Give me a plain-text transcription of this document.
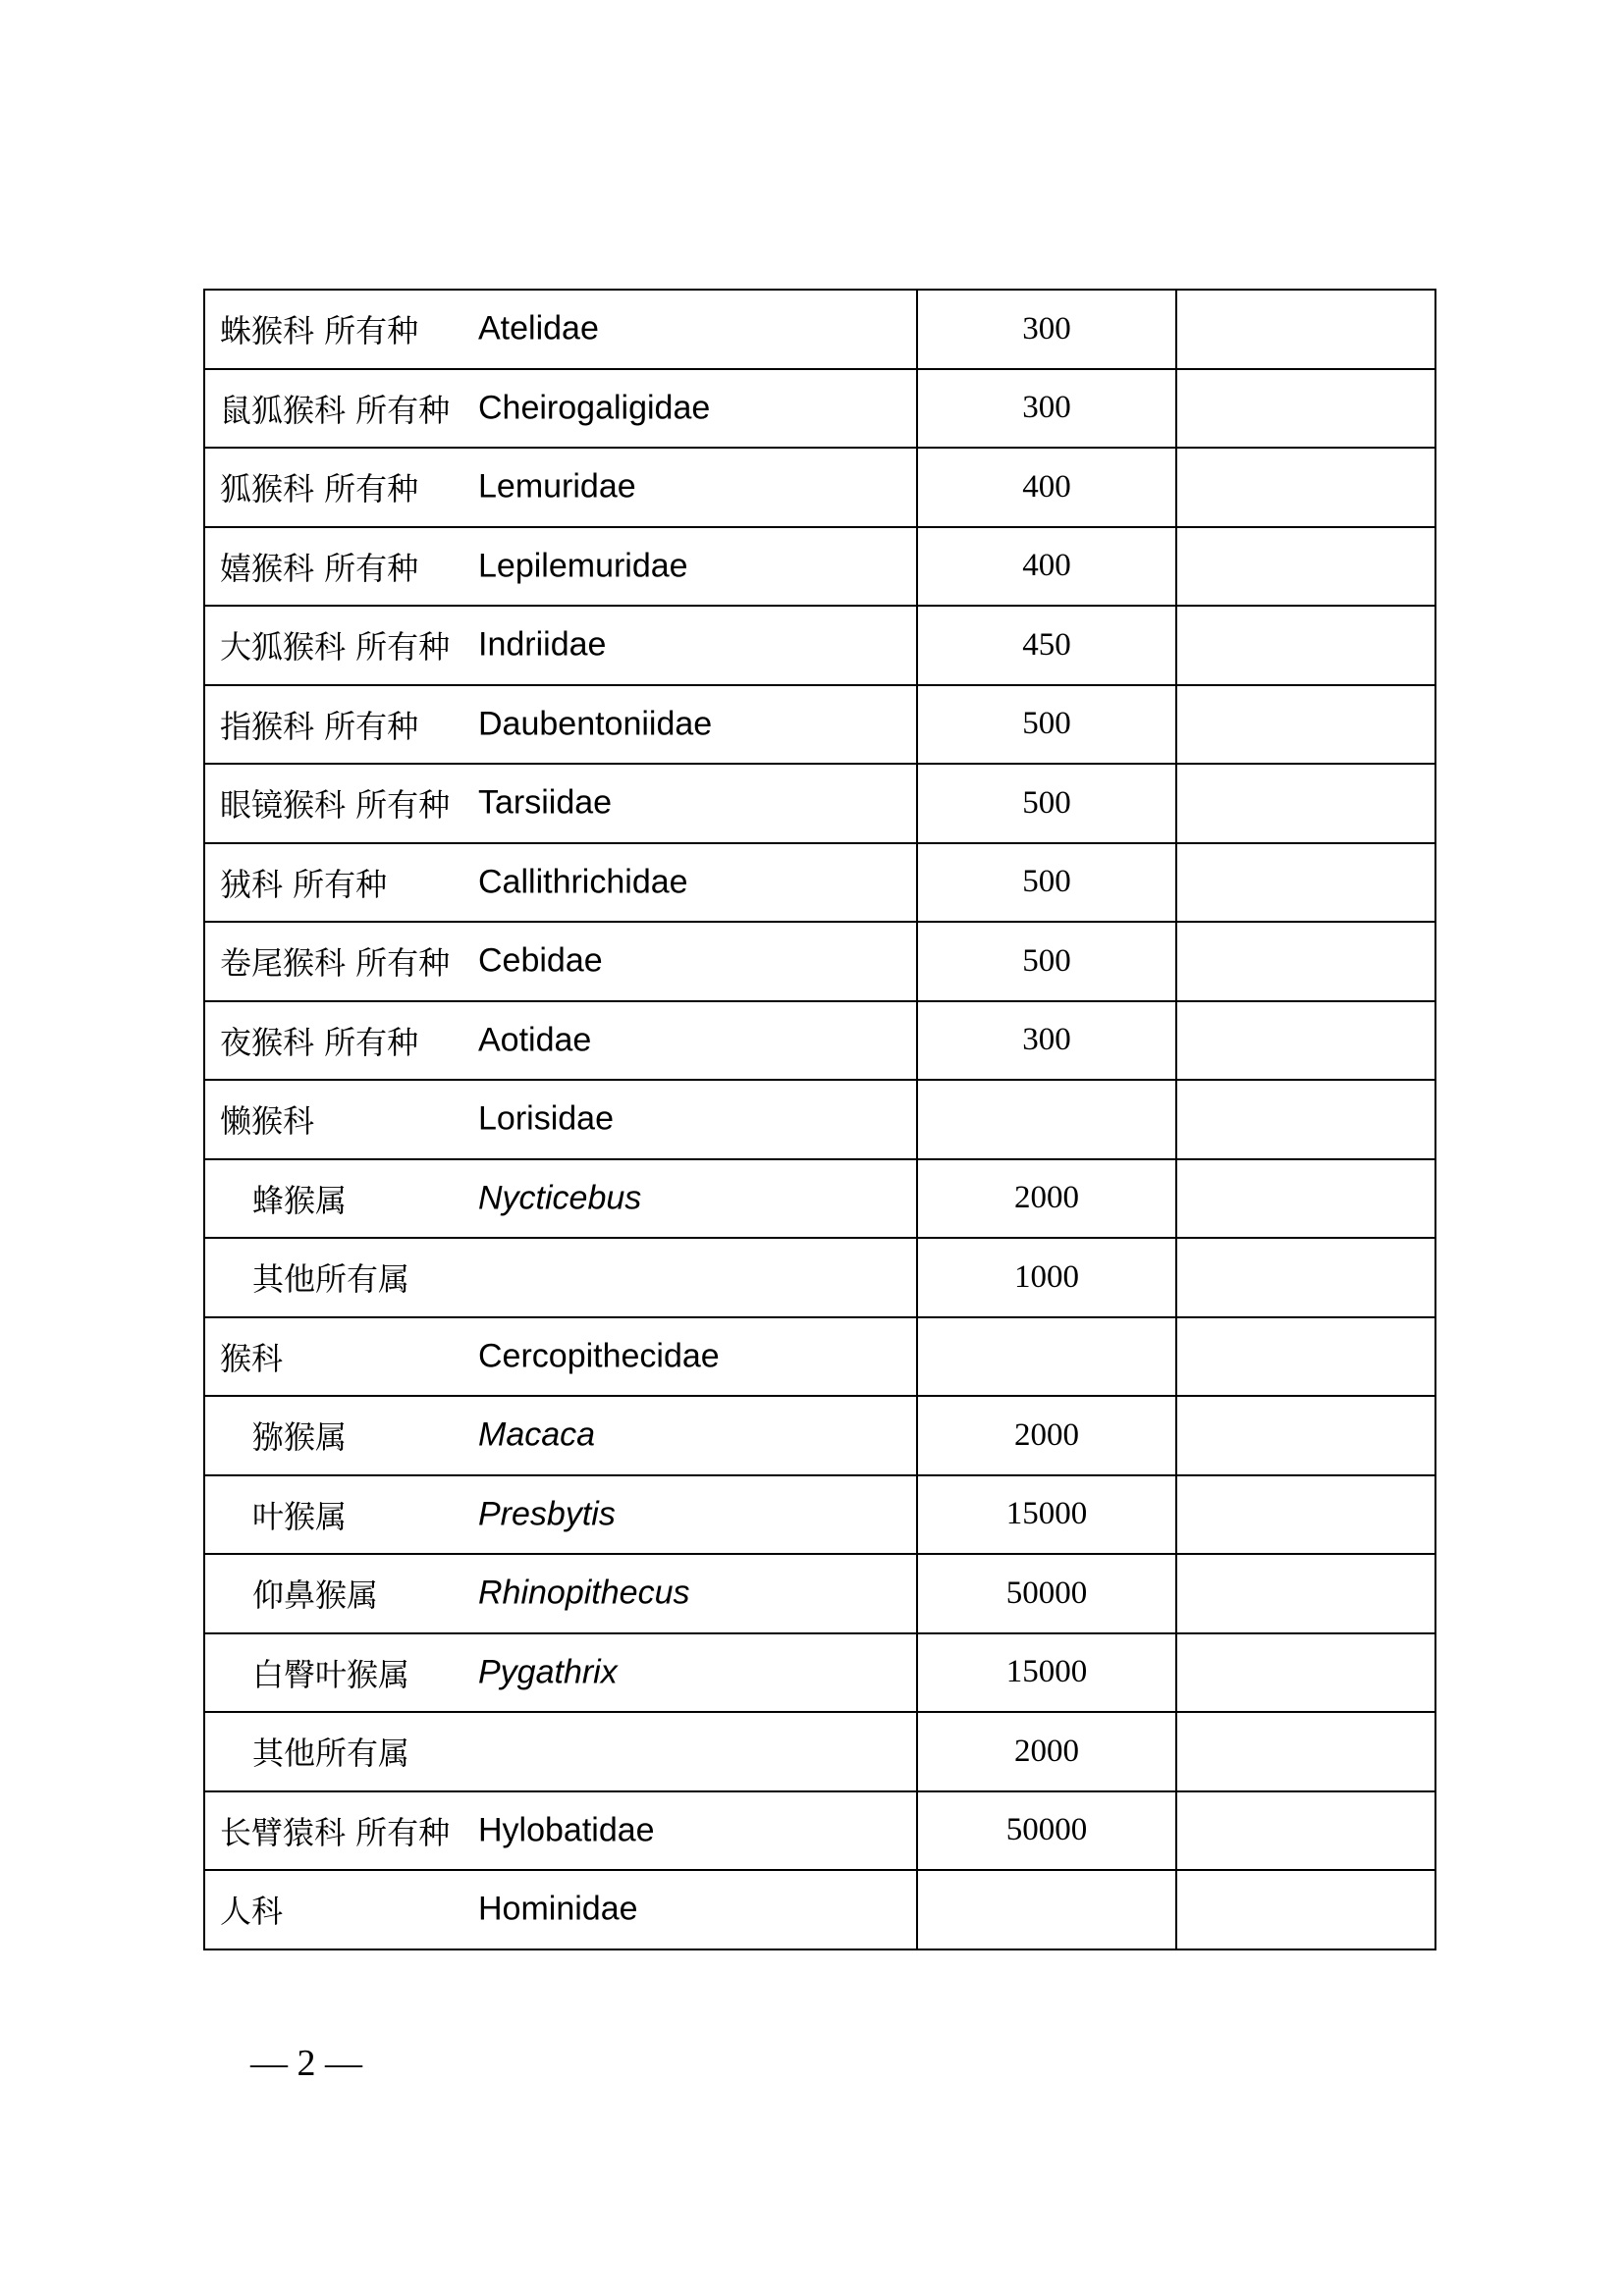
蛛猴科 所有种 Atelidae	300	

鼠狐猴科 所有种 Cheirogaligidae	300	

狐猴科 所有种 Lemuridae	400	

嬉猴科 所有种 Lepilemuridae	400	

大狐猴科 所有种 Indriidae	450	

指猴科 所有种 Daubentoniidae	500	

眼镜猴科 所有种 Tarsiidae	500	

狨科 所有种 Callithrichidae	500	

卷尾猴科 所有种 Cebidae	500	

夜猴科 所有种 Aotidae	300	

懒猴科 Lorisidae		

蜂猴属 Nycticebus	2000	

其他所有属	1000	

猴科 Cercopithecidae		

猕猴属 Macaca	2000	

叶猴属 Presbytis	15000	

仰鼻猴属 Rhinopithecus	50000	

白臀叶猴属 Pygathrix	15000	

其他所有属	2000	

长臂猿科 所有种 Hylobatidae	50000	

人科 Hominidae		

— 2 —
